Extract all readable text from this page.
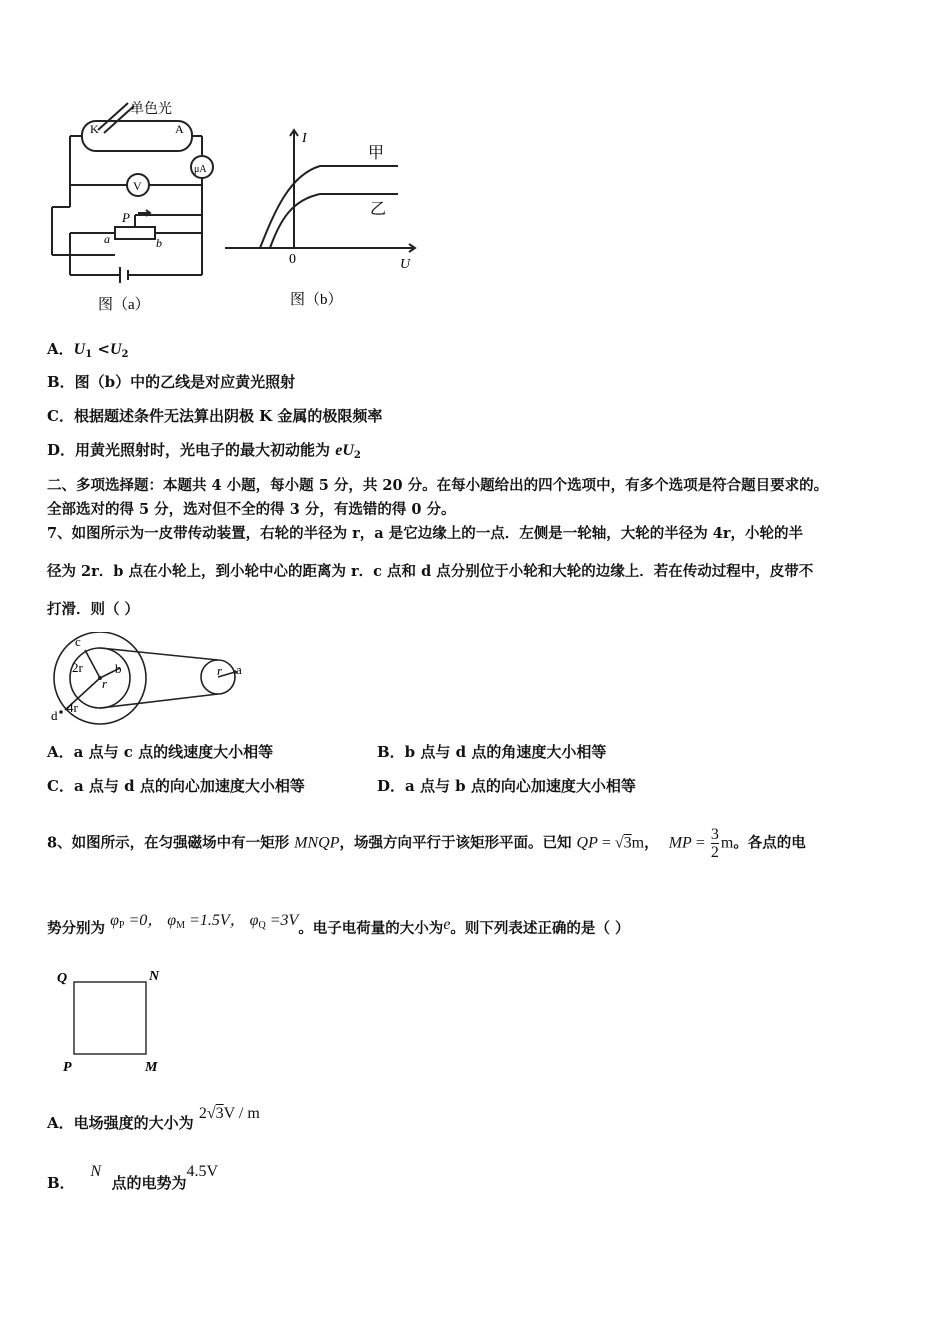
单色光
K	A
μA
V
P
a	b
图（a）
I
U
0
甲
乙
图（b）
A．$U_1 <U_2$
B．图（b）中的乙线是对应黄光照射
C．根据题述条件无法算出阴极 K 金属的极限频率
D．用黄光照射时，光电子的最大初动能为 $eU_2$
二、多项选择题：本题共 4 小题，每小题 5 分，共 20 分。在每小题给出的四个选项中，有多个选项是符合题目要求的。
全部选对的得 5 分，选对但不全的得 3 分，有选错的得 0 分。
7、如图所示为一皮带传动装置，右轮的半径为 r，a 是它边缘上的一点．左侧是一轮轴，大轮的半径为 4r，小轮的半
径为 2r．b 点在小轮上，到小轮中心的距离为 r．c 点和 d 点分别位于小轮和大轮的边缘上．若在传动过程中，皮带不
打滑．则（ ）
c
2r
r
b
4r
d
r a
A．a 点与 c 点的线速度大小相等	B．b 点与 d 点的角速度大小相等
C．a 点与 d 点的向心加速度大小相等	D．a 点与 b 点的向心加速度大小相等
8、如图所示，在匀强磁场中有一矩形 MNQP，场强方向平行于该矩形平面。已知 QP = √3m， MP = $\frac{3}{2}$ m。各点的电
势分别为 $\varphi_P =0$， $\varphi_M =1.5V$， $\varphi_Q =3V$。电子电荷量的大小为e。则下列表述正确的是（ ）
Q	N
P	M
A．电场强度的大小为 2√3V / m
B．   N  点的电势为4.5V
